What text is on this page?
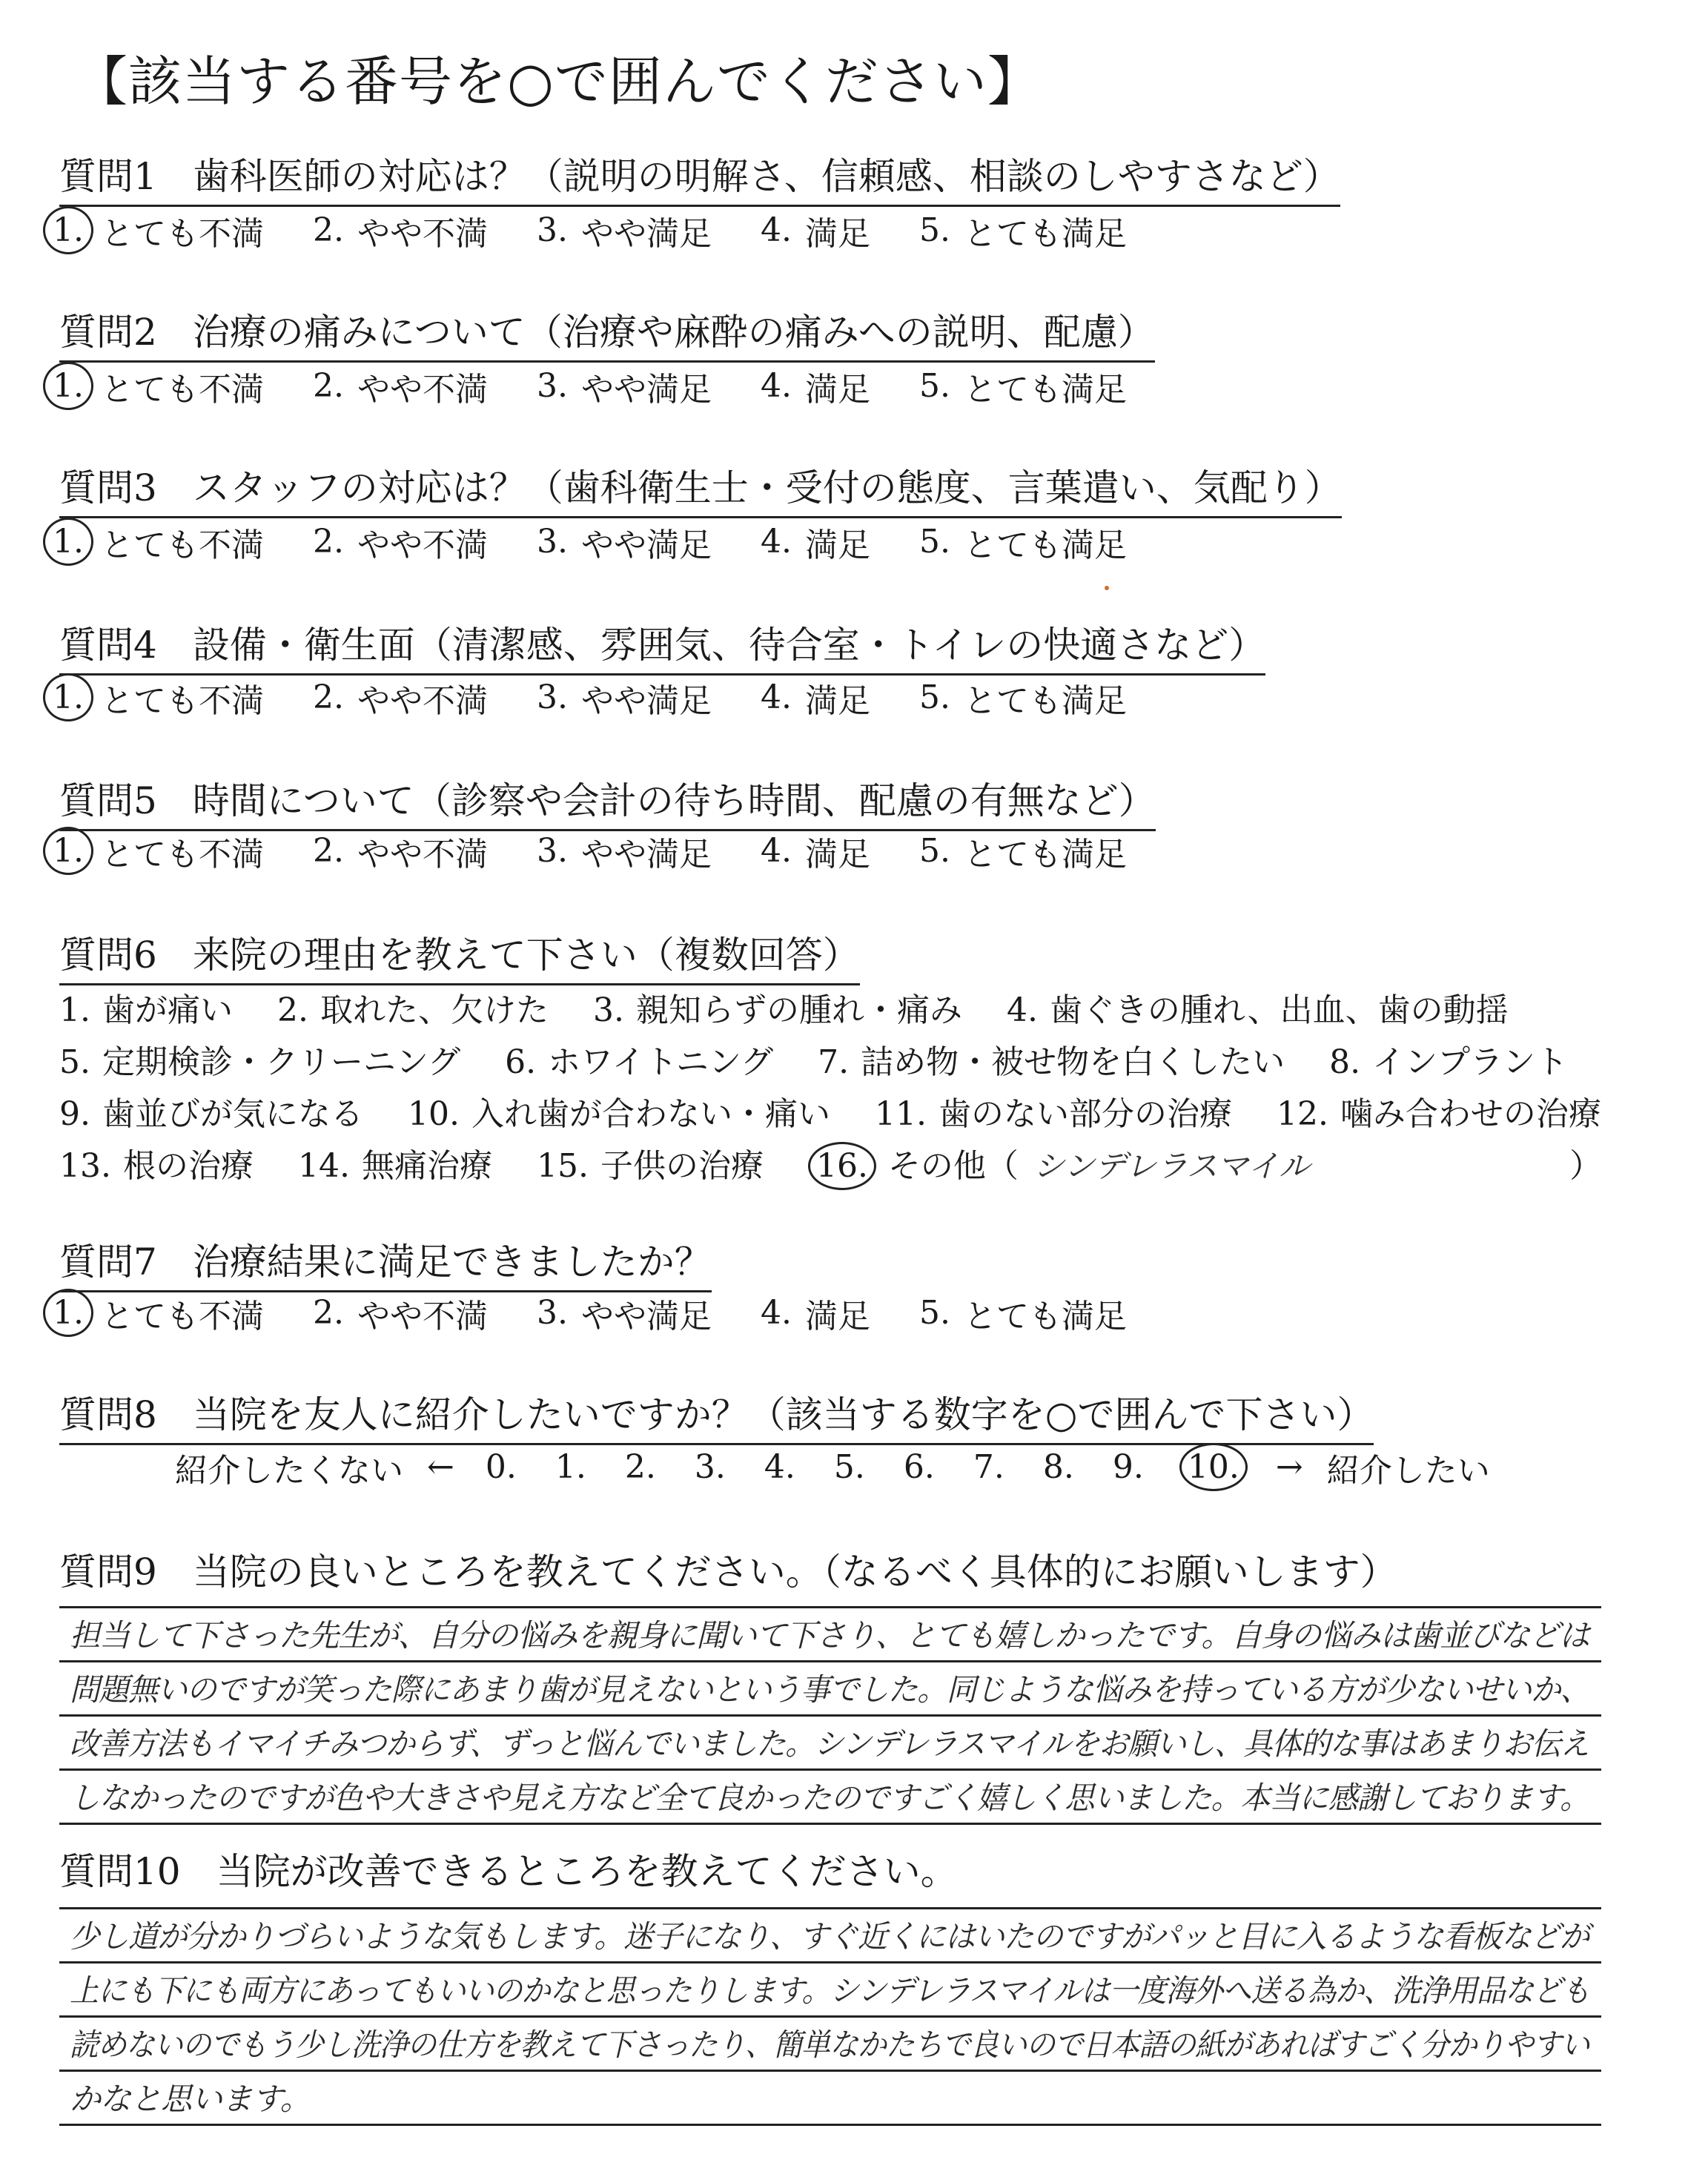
【該当する番号を○で囲んでください】
質問1 歯科医師の対応は？（説明の明解さ、信頼感、相談のしやすさなど）
1. とても不満 2. やや不満 3. やや満足 4. 満足 5. とても満足
質問2 治療の痛みについて（治療や麻酔の痛みへの説明、配慮）
1. とても不満 2. やや不満 3. やや満足 4. 満足 5. とても満足
質問3 スタッフの対応は？（歯科衛生士・受付の態度、言葉遣い、気配り）
1. とても不満 2. やや不満 3. やや満足 4. 満足 5. とても満足
質問4 設備・衛生面（清潔感、雰囲気、待合室・トイレの快適さなど）
1. とても不満 2. やや不満 3. やや満足 4. 満足 5. とても満足
質問5 時間について（診察や会計の待ち時間、配慮の有無など）
1. とても不満 2. やや不満 3. やや満足 4. 満足 5. とても満足
質問6 来院の理由を教えて下さい（複数回答）
1. 歯が痛い 2. 取れた、欠けた 3. 親知らずの腫れ・痛み 4. 歯ぐきの腫れ、出血、歯の動揺
5. 定期検診・クリーニング 6. ホワイトニング 7. 詰め物・被せ物を白くしたい 8. インプラント
9. 歯並びが気になる 10. 入れ歯が合わない・痛い 11. 歯のない部分の治療 12. 噛み合わせの治療
13. 根の治療 14. 無痛治療 15. 子供の治療 16. その他（ シンデレラスマイル	）
質問7 治療結果に満足できましたか？
1. とても不満 2. やや不満 3. やや満足 4. 満足 5. とても満足
質問8 当院を友人に紹介したいですか？（該当する数字を○で囲んで下さい）
紹介したくない ← 0. 1. 2. 3. 4. 5. 6. 7. 8. 9. 10.	→ 紹介したい
質問9 当院の良いところを教えてください。（なるべく具体的にお願いします）
担当して下さった先生が、自分の悩みを親身に聞いて下さり、とても嬉しかったです。自身の悩みは歯並びなどは
問題無いのですが笑った際にあまり歯が見えないという事でした。同じような悩みを持っている方が少ないせいか、
改善方法もイマイチみつからず、ずっと悩んでいました。シンデレラスマイルをお願いし、具体的な事はあまりお伝え
しなかったのですが色や大きさや見え方など全て良かったのですごく嬉しく思いました。本当に感謝しております。
質問10 当院が改善できるところを教えてください。
少し道が分かりづらいような気もします。迷子になり、すぐ近くにはいたのですがパッと目に入るような看板などが
上にも下にも両方にあってもいいのかなと思ったりします。シンデレラスマイルは一度海外へ送る為か、洗浄用品なども
読めないのでもう少し洗浄の仕方を教えて下さったり、簡単なかたちで良いので日本語の紙があればすごく分かりやすい
かなと思います。
